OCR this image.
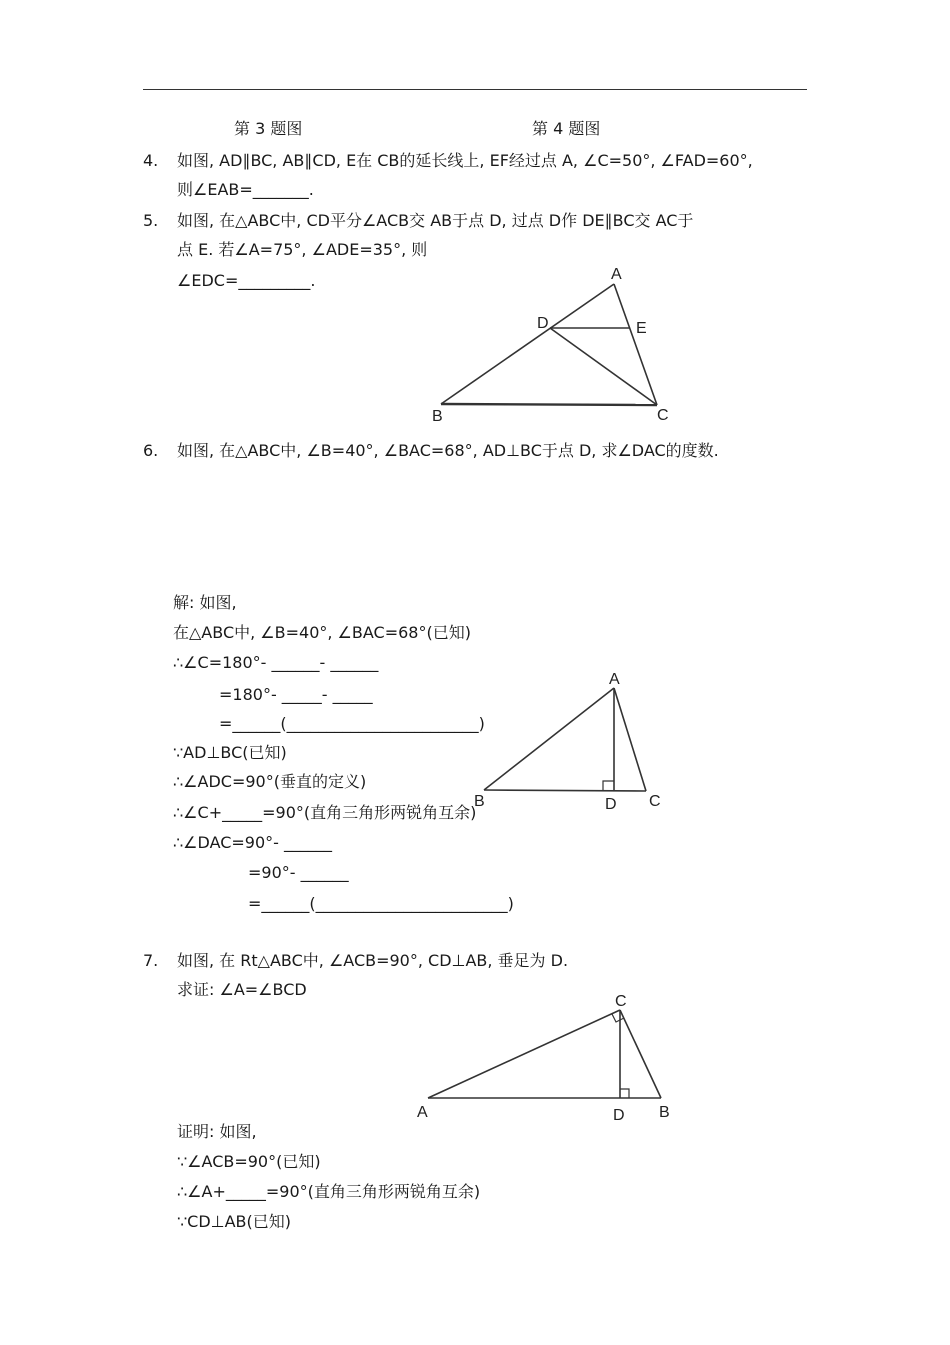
第 3 题图	第 4 题图
4. 如图, AD∥BC, AB∥CD, E在 CB的延长线上, EF经过点 A, ∠C=50°, ∠FAD=60°,
则∠EAB=_______.
5. 如图, 在△ABC中, CD平分∠ACB交 AB于点 D, 过点 D作 DE∥BC交 AC于
点 E. 若∠A=75°, ∠ADE=35°, 则
∠EDC=_________.	A
D	E
B	C
6. 如图, 在△ABC中, ∠B=40°, ∠BAC=68°, AD⊥BC于点 D, 求∠DAC的度数.
解: 如图,
在△ABC中, ∠B=40°, ∠BAC=68°(已知)
∴∠C=180°- ______- ______
=180°- _____- _____
=______(________________________)
∵AD⊥BC(已知)
∴∠ADC=90°(垂直的定义)
∴∠C+_____=90°(直角三角形两锐角互余)
∴∠DAC=90°- ______
=90°- ______
=______(________________________)
A
B	D C
7. 如图, 在 Rt△ABC中, ∠ACB=90°, CD⊥AB, 垂足为 D.
求证: ∠A=∠BCD
证明: 如图,
∵∠ACB=90°(已知)
∴∠A+_____=90°(直角三角形两锐角互余)
∵CD⊥AB(已知)
C
A	D B
